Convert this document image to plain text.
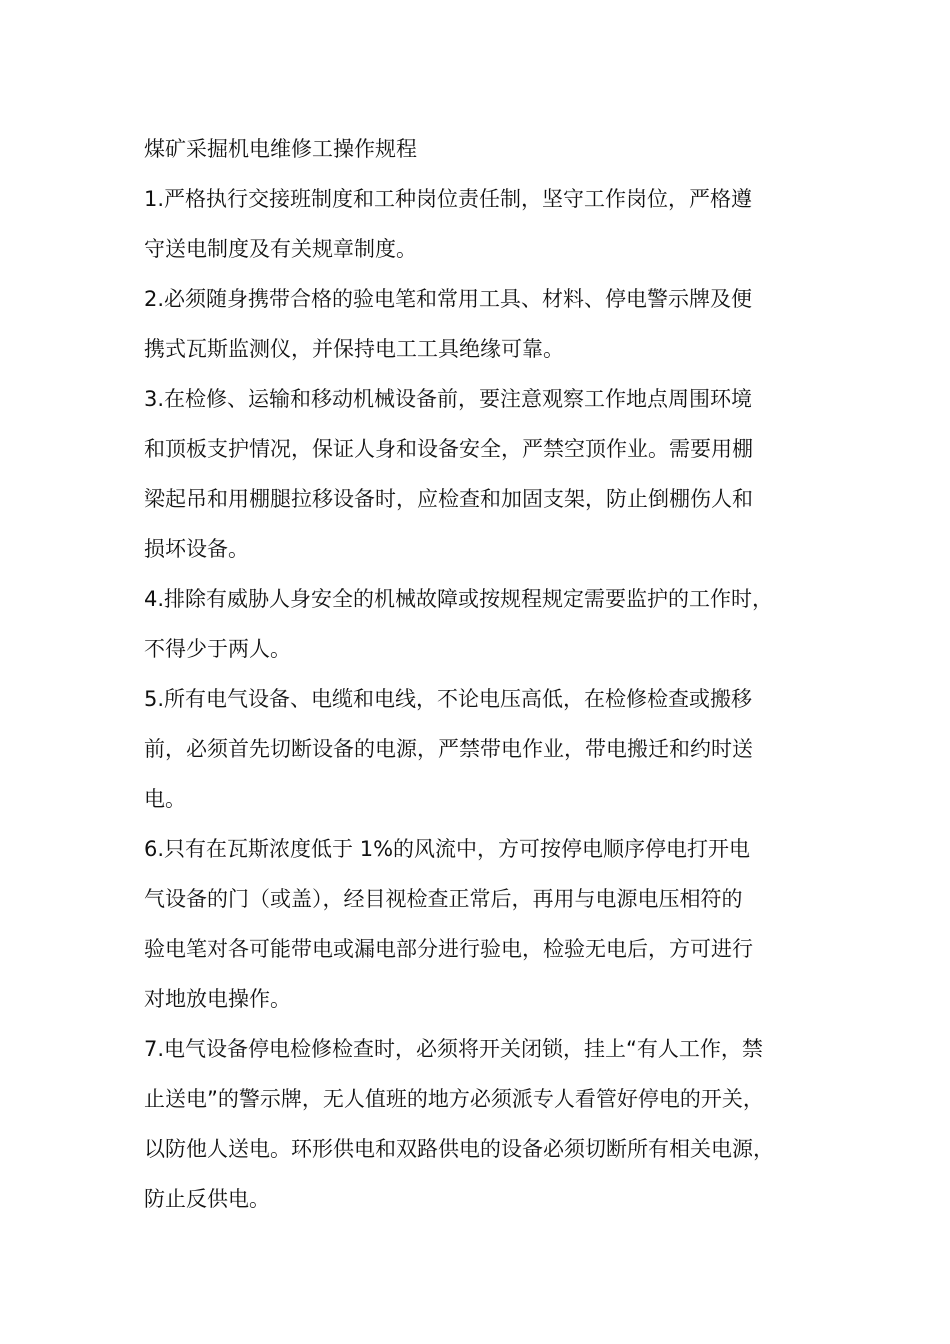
煤矿采掘机电维修工操作规程

1.严格执行交接班制度和工种岗位责任制，坚守工作岗位，严格遵
守送电制度及有关规章制度。
2.必须随身携带合格的验电笔和常用工具、材料、停电警示牌及便
携式瓦斯监测仪，并保持电工工具绝缘可靠。
3.在检修、运输和移动机械设备前，要注意观察工作地点周围环境
和顶板支护情况，保证人身和设备安全，严禁空顶作业。需要用棚
梁起吊和用棚腿拉移设备时，应检查和加固支架，防止倒棚伤人和
损坏设备。
4.排除有威胁人身安全的机械故障或按规程规定需要监护的工作时，
不得少于两人。
5.所有电气设备、电缆和电线，不论电压高低，在检修检查或搬移
前，必须首先切断设备的电源，严禁带电作业，带电搬迁和约时送
电。
6.只有在瓦斯浓度低于 1%的风流中，方可按停电顺序停电打开电
气设备的门（或盖），经目视检查正常后，再用与电源电压相符的
验电笔对各可能带电或漏电部分进行验电，检验无电后，方可进行
对地放电操作。
7.电气设备停电检修检查时，必须将开关闭锁，挂上“有人工作，禁
止送电”的警示牌，无人值班的地方必须派专人看管好停电的开关，
以防他人送电。环形供电和双路供电的设备必须切断所有相关电源，
防止反供电。
